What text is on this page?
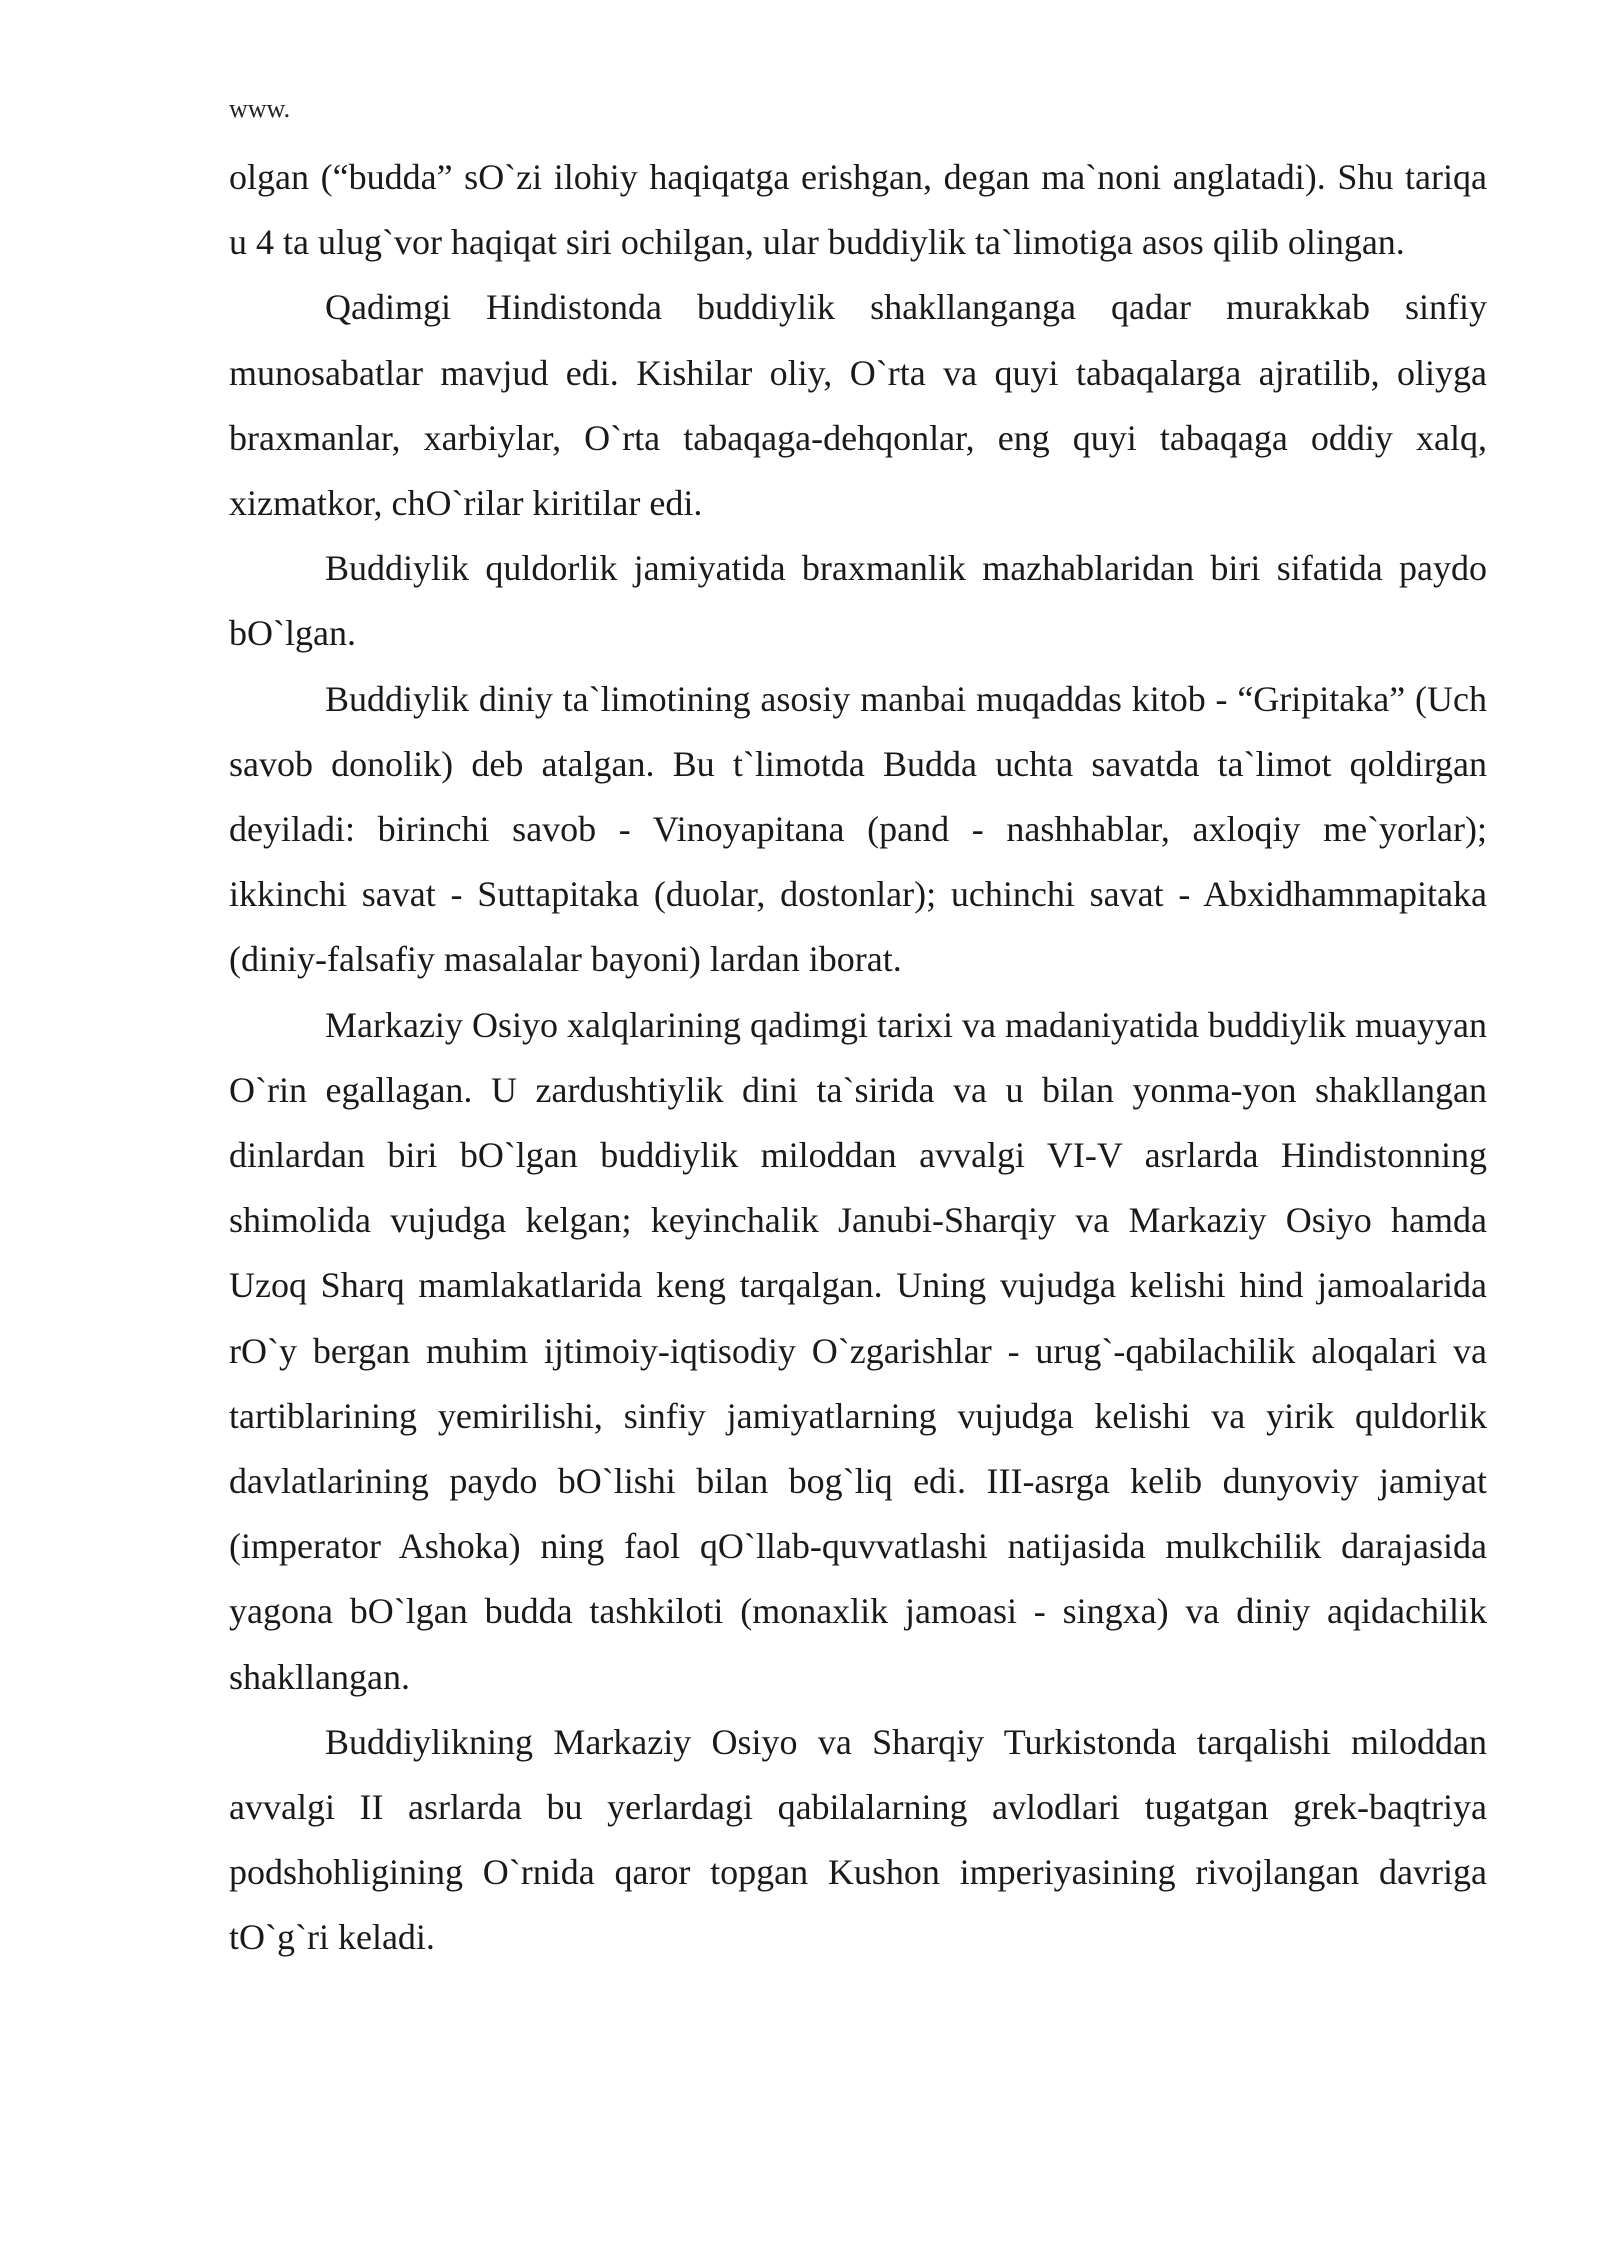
www.

olgan (“budda” sO`zi ilohiy haqiqatga erishgan, degan ma`noni anglatadi). Shu tariqa u 4 ta ulug`vor haqiqat siri ochilgan, ular buddiylik ta`limotiga asos qilib olingan.

Qadimgi Hindistonda buddiylik shakllanganga qadar murakkab sinfiy munosabatlar mavjud edi. Kishilar oliy, O`rta va quyi tabaqalarga ajratilib, oliyga braxmanlar, xarbiylar, O`rta tabaqaga-dehqonlar, eng quyi tabaqaga oddiy xalq, xizmatkor, chO`rilar kiritilar edi.

Buddiylik quldorlik jamiyatida braxmanlik mazhablaridan biri sifatida paydo bO`lgan.

Buddiylik diniy ta`limotining asosiy manbai muqaddas kitob - “Gripitaka” (Uch savob donolik) deb atalgan. Bu t`limotda Budda uchta savatda ta`limot qoldirgan deyiladi: birinchi savob - Vinoyapitana (pand - nashhablar, axloqiy me`yorlar); ikkinchi savat - Suttapitaka (duolar, dostonlar); uchinchi savat - Abxidhammapitaka (diniy-falsafiy masalalar bayoni) lardan iborat.

Markaziy Osiyo xalqlarining qadimgi tarixi va madaniyatida buddiylik muayyan O`rin egallagan. U zardushtiylik dini ta`sirida va u bilan yonma-yon shakllangan dinlardan biri bO`lgan buddiylik miloddan avvalgi VI-V asrlarda Hindistonning shimolida vujudga kelgan; keyinchalik Janubi-Sharqiy va Markaziy Osiyo hamda Uzoq Sharq mamlakatlarida keng tarqalgan. Uning vujudga kelishi hind jamoalarida rO`y bergan muhim ijtimoiy-iqtisodiy O`zgarishlar - urug`-qabilachilik aloqalari va tartiblarining yemirilishi, sinfiy jamiyatlarning vujudga kelishi va yirik quldorlik davlatlarining paydo bO`lishi bilan bog`liq edi. III-asrga kelib dunyoviy jamiyat (imperator Ashoka) ning faol qO`llab-quvvatlashi natijasida mulkchilik darajasida yagona bO`lgan budda tashkiloti (monaxlik jamoasi - singxa) va diniy aqidachilik shakllangan.

Buddiylikning Markaziy Osiyo va Sharqiy Turkistonda tarqalishi miloddan avvalgi II asrlarda bu yerlardagi qabilalarning avlodlari tugatgan grek-baqtriya podshohligining O`rnida qaror topgan Kushon imperiyasining rivojlangan davriga tO`g`ri keladi.
